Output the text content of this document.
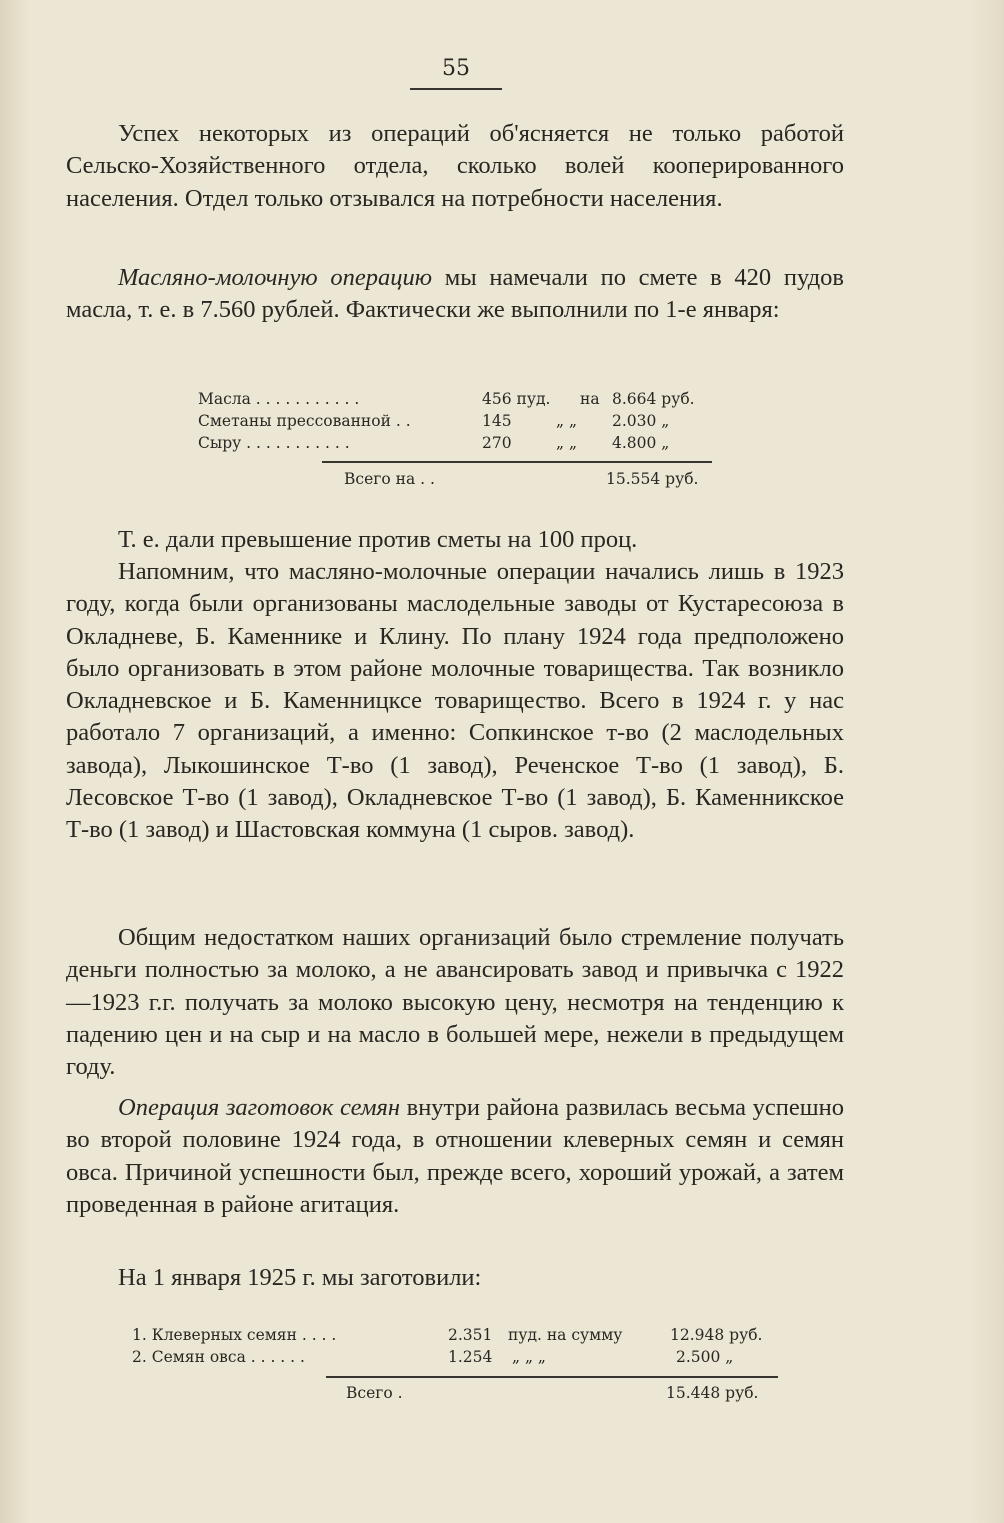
55

Успех некоторых из операций об'ясняется не только работой Сельско-Хозяйственного отдела, сколько волей кооперированного населения. Отдел только отзывался на потребности населения.

Масляно-молочную операцию мы намечали по смете в 420 пудов масла, т. е. в 7.560 рублей. Фактически же выполнили по 1-е января:

Масла . . . . . . . . . . .	456 пуд. на 8.664 руб.
Сметаны прессованной . .	145	„ „ 2.030 „
Сыру . . . . . . . . . . .	270	„ „ 4.800 „
Всего на . .	15.554 руб.

Т. е. дали превышение против сметы на 100 проц.

Напомним, что масляно-молочные операции начались лишь в 1923 году, когда были организованы маслодельные заводы от Кустаресоюза в Окладневе, Б. Каменнике и Клину. По плану 1924 года предположено было организовать в этом районе молочные товарищества. Так возникло Окладневское и Б. Каменницксе товарищество. Всего в 1924 г. у нас работало 7 организаций, а именно: Сопкинское т-во (2 маслодельных завода), Лыкошинское Т-во (1 завод), Реченское Т-во (1 завод), Б. Лесовское Т-во (1 завод), Окладневское Т-во (1 завод), Б. Каменникское Т-во (1 завод) и Шастовская коммуна (1 сыров. завод).

Общим недостатком наших организаций было стремление получать деньги полностью за молоко, а не авансировать завод и привычка с 1922—1923 г.г. получать за молоко высокую цену, несмотря на тенденцию к падению цен и на сыр и на масло в большей мере, нежели в предыдущем году.

Операция заготовок семян внутри района развилась весьма успешно во второй половине 1924 года, в отношении клеверных семян и семян овса. Причиной успешности был, прежде всего, хороший урожай, а затем проведенная в районе агитация.

На 1 января 1925 г. мы заготовили:

1. Клеверных семян . . . .	2.351 пуд. на сумму	12.948 руб.
2. Семян овса . . . . . .	1.254 „ „ „	2.500 „
Всего .	15.448 руб.
